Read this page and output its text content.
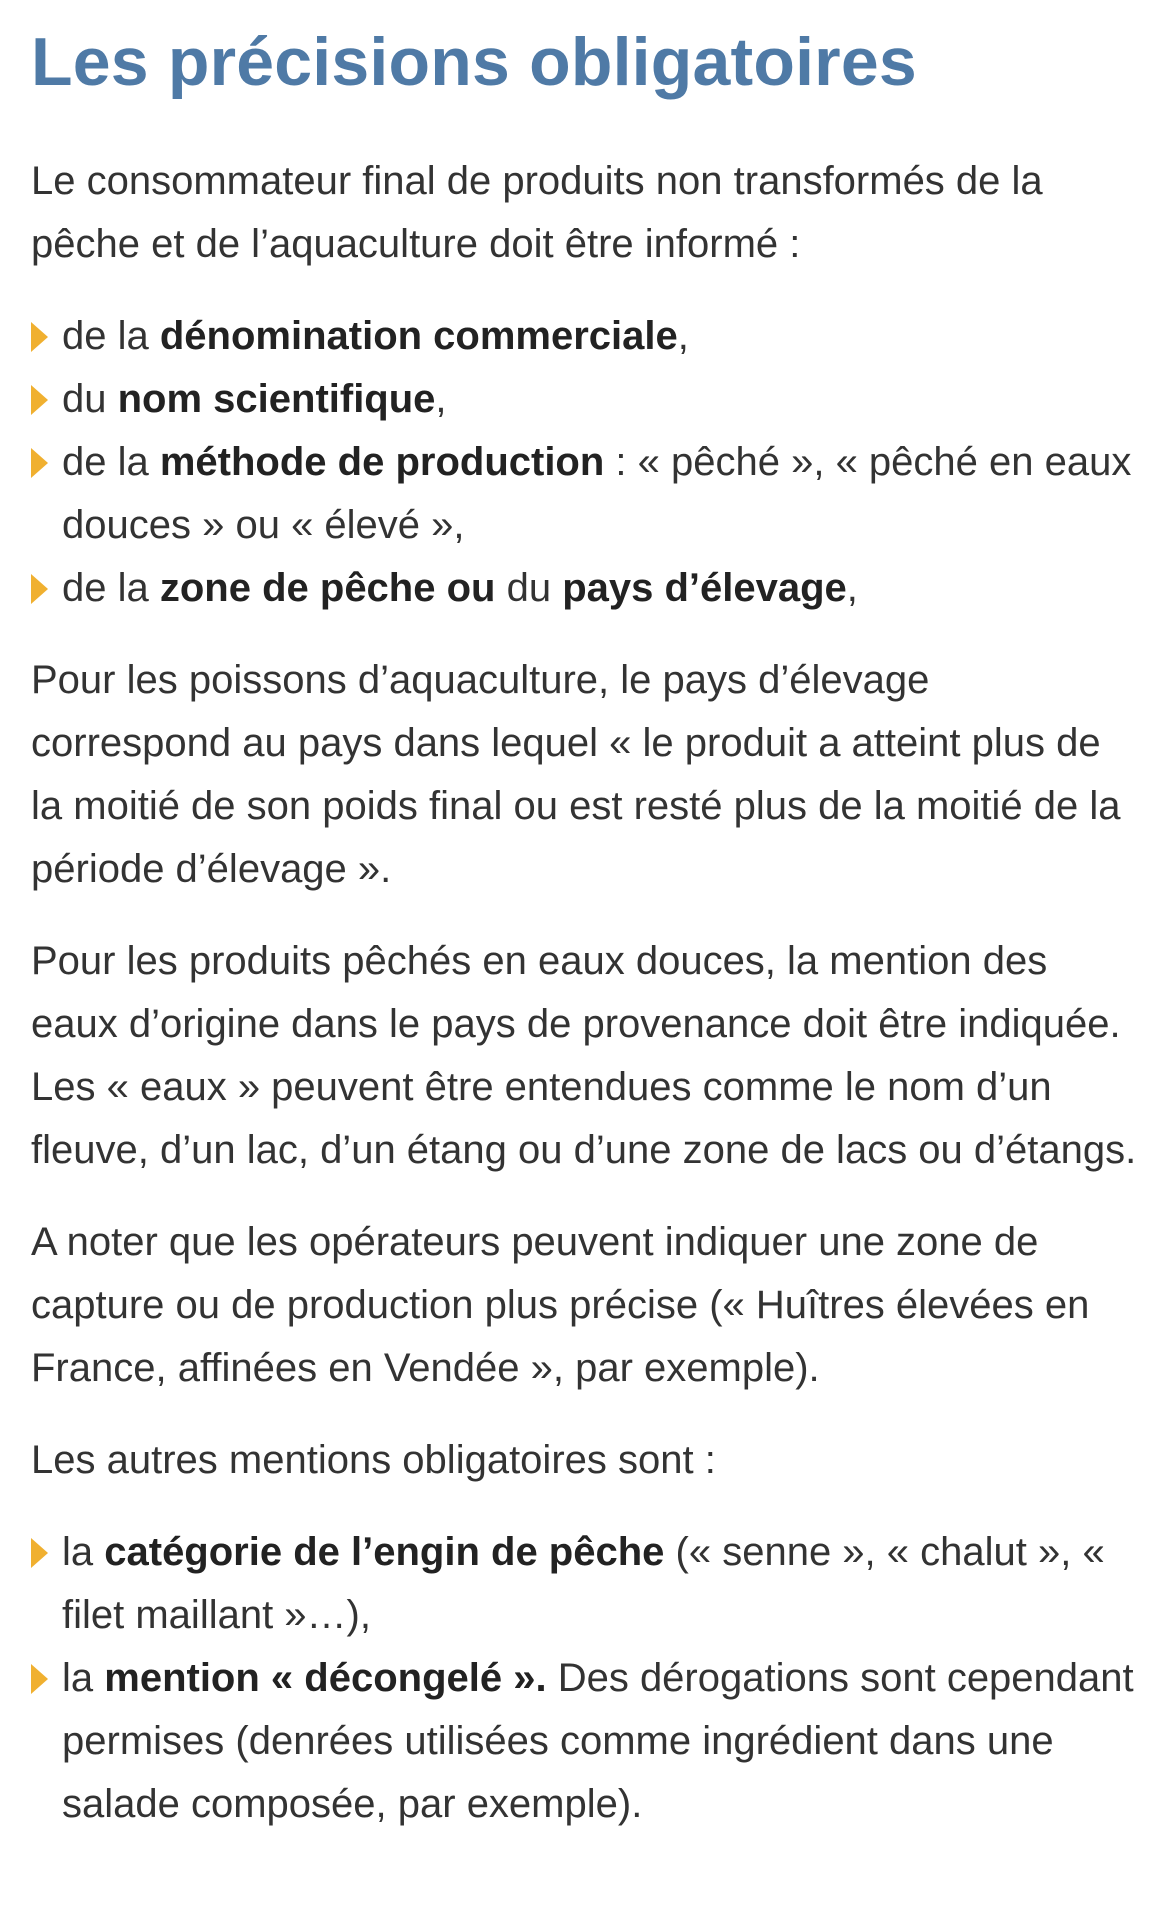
Les précisions obligatoires

Le consommateur final de produits non transformés de la pêche et de l’aquaculture doit être informé :

de la dénomination commerciale,
du nom scientifique,
de la méthode de production : « pêché », « pêché en eaux douces » ou « élevé »,
de la zone de pêche ou du pays d’élevage,

Pour les poissons d’aquaculture, le pays d’élevage correspond au pays dans lequel « le produit a atteint plus de la moitié de son poids final ou est resté plus de la moitié de la période d’élevage ».

Pour les produits pêchés en eaux douces, la mention des eaux d’origine dans le pays de provenance doit être indiquée. Les « eaux » peuvent être entendues comme le nom d’un fleuve, d’un lac, d’un étang ou d’une zone de lacs ou d’étangs.

A noter que les opérateurs peuvent indiquer une zone de capture ou de production plus précise (« Huîtres élevées en France, affinées en Vendée », par exemple).

Les autres mentions obligatoires sont :

la catégorie de l’engin de pêche (« senne », « chalut », « filet maillant »…),
la mention « décongelé ». Des dérogations sont cependant permises (denrées utilisées comme ingrédient dans une salade composée, par exemple).
